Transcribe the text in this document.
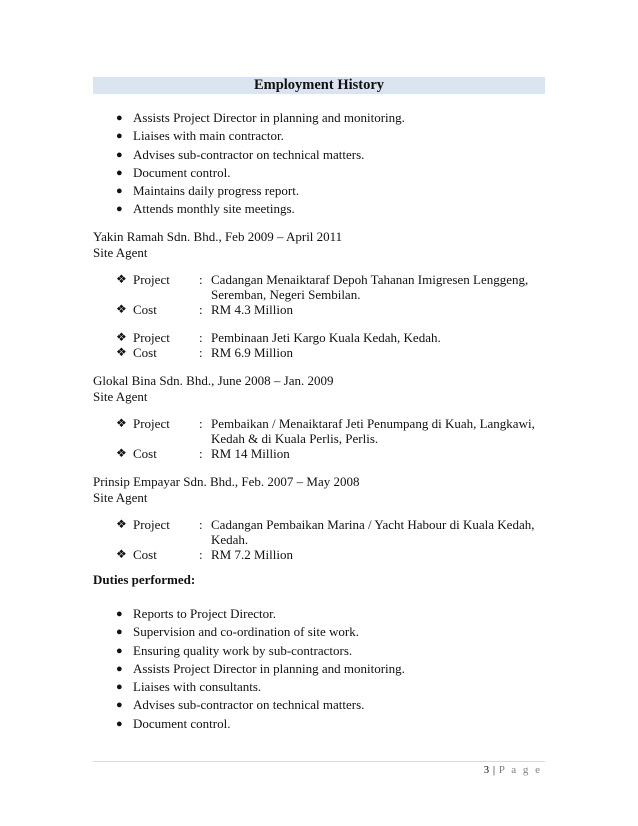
Employment History
● Assists Project Director in planning and monitoring.
● Liaises with main contractor.
● Advises sub-contractor on technical matters.
● Document control.
● Maintains daily progress report.
● Attends monthly site meetings.
Yakin Ramah Sdn. Bhd., Feb 2009 – April 2011
Site Agent
❖ Project : Cadangan Menaiktaraf Depoh Tahanan Imigresen Lenggeng, Seremban, Negeri Sembilan.
❖ Cost	: RM 4.3 Million
❖ Project : Pembinaan Jeti Kargo Kuala Kedah, Kedah.
❖ Cost	: RM 6.9 Million
Glokal Bina Sdn. Bhd., June 2008 – Jan. 2009
Site Agent
❖ Project : Pembaikan / Menaiktaraf Jeti Penumpang di Kuah, Langkawi, Kedah & di Kuala Perlis, Perlis.
❖ Cost	: RM 14 Million
Prinsip Empayar Sdn. Bhd., Feb. 2007 – May 2008
Site Agent
❖ Project : Cadangan Pembaikan Marina / Yacht Habour di Kuala Kedah, Kedah.
❖ Cost	: RM 7.2 Million
Duties performed:
● Reports to Project Director.
● Supervision and co-ordination of site work.
● Ensuring quality work by sub-contractors.
● Assists Project Director in planning and monitoring.
● Liaises with consultants.
● Advises sub-contractor on technical matters.
● Document control.
3 | P a g e
